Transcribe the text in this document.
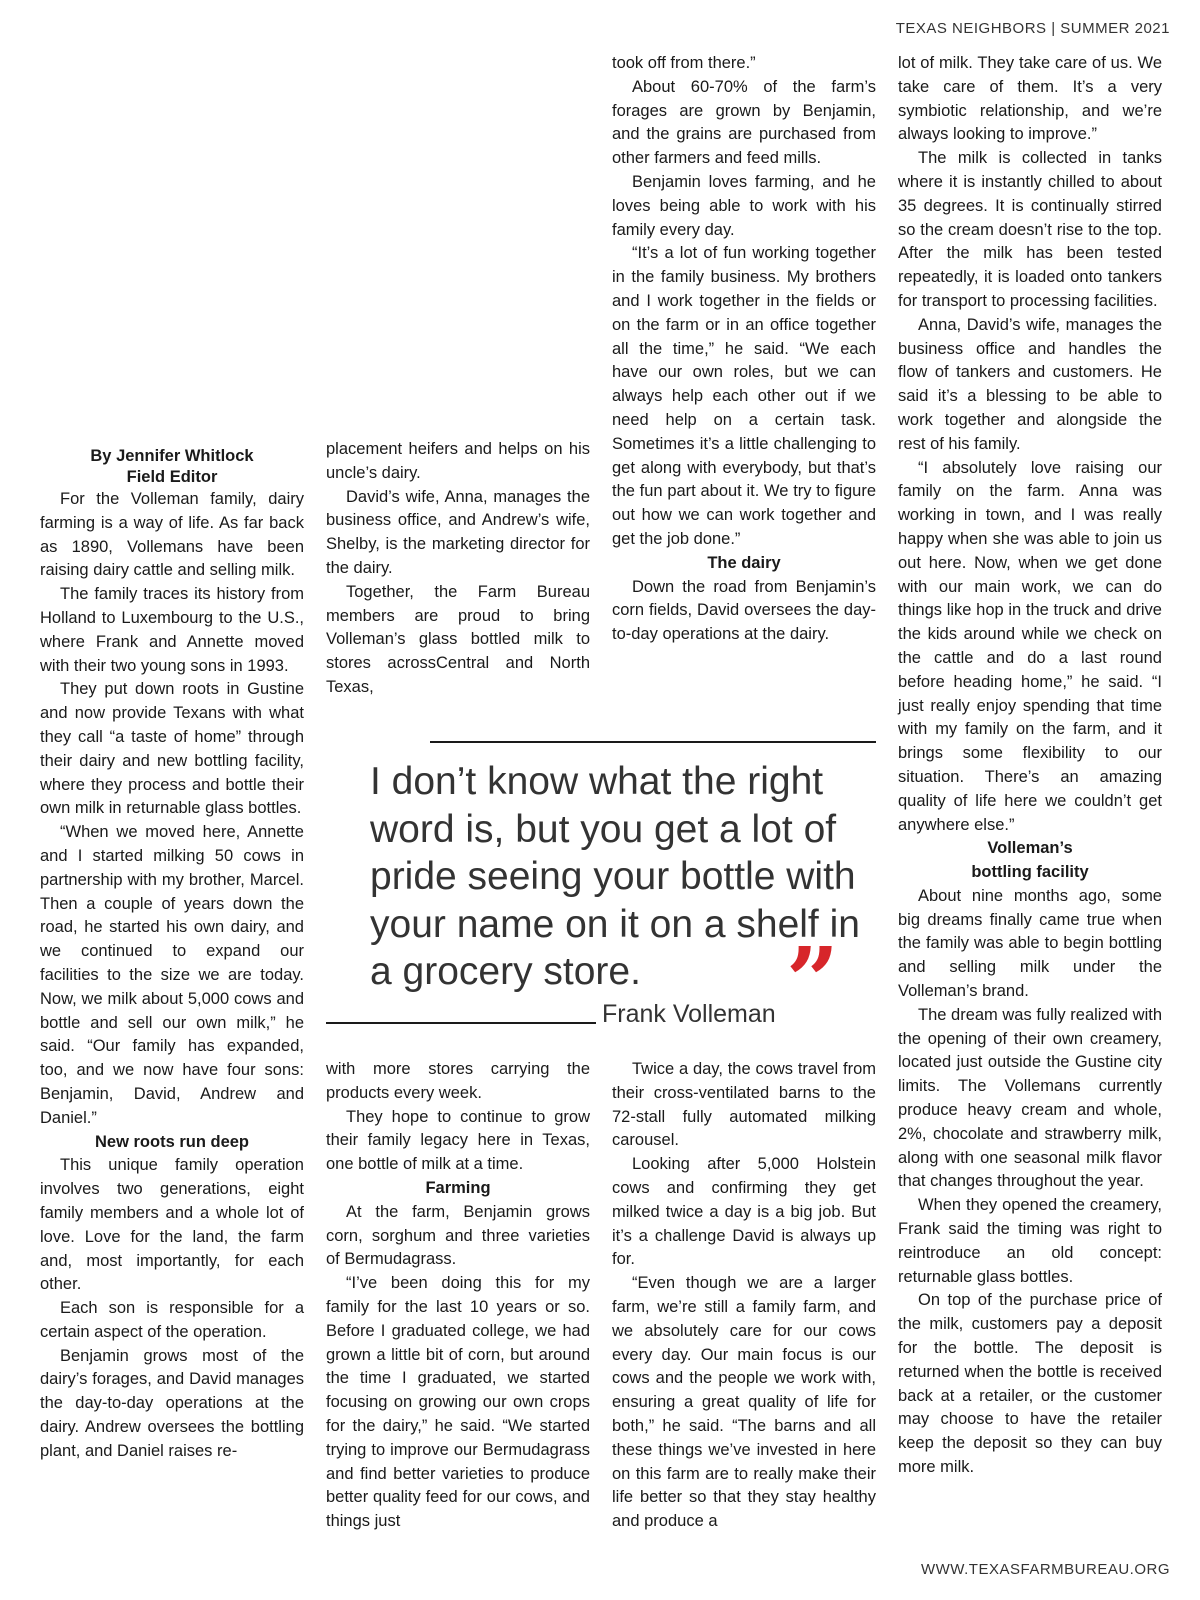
TEXAS NEIGHBORS | SUMMER 2021
By Jennifer Whitlock
Field Editor

For the Volleman family, dairy farming is a way of life. As far back as 1890, Vollemans have been raising dairy cattle and selling milk.

The family traces its history from Holland to Luxembourg to the U.S., where Frank and Annette moved with their two young sons in 1993.

They put down roots in Gustine and now provide Texans with what they call “a taste of home” through their dairy and new bottling facility, where they process and bottle their own milk in returnable glass bottles.

“When we moved here, Annette and I started milking 50 cows in partnership with my brother, Marcel. Then a couple of years down the road, he started his own dairy, and we continued to expand our facilities to the size we are today. Now, we milk about 5,000 cows and bottle and sell our own milk,” he said. “Our family has expanded, too, and we now have four sons: Benjamin, David, Andrew and Daniel.”

New roots run deep

This unique family operation involves two generations, eight family members and a whole lot of love. Love for the land, the farm and, most importantly, for each other.

Each son is responsible for a certain aspect of the operation.

Benjamin grows most of the dairy’s forages, and David manages the day-to-day operations at the dairy. Andrew oversees the bottling plant, and Daniel raises re-

placement heifers and helps on his uncle’s dairy.

David’s wife, Anna, manages the business office, and Andrew’s wife, Shelby, is the marketing director for the dairy.

Together, the Farm Bureau members are proud to bring Volleman’s glass bottled milk to stores acrossCentral and North Texas,

took off from there.”

About 60-70% of the farm’s forages are grown by Benjamin, and the grains are purchased from other farmers and feed mills.

Benjamin loves farming, and he loves being able to work with his family every day.

“It’s a lot of fun working together in the family business. My brothers and I work together in the fields or on the farm or in an office together all the time,” he said. “We each have our own roles, but we can always help each other out if we need help on a certain task. Sometimes it’s a little challenging to get along with everybody, but that’s the fun part about it. We try to figure out how we can work together and get the job done.”

The dairy

Down the road from Benjamin’s corn fields, David oversees the day-to-day operations at the dairy.

lot of milk. They take care of us. We take care of them. It’s a very symbiotic relationship, and we’re always looking to improve.”

The milk is collected in tanks where it is instantly chilled to about 35 degrees. It is continually stirred so the cream doesn’t rise to the top. After the milk has been tested repeatedly, it is loaded onto tankers for transport to processing facilities.

Anna, David’s wife, manages the business office and handles the flow of tankers and customers. He said it’s a blessing to be able to work together and alongside the rest of his family.

“I absolutely love raising our family on the farm. Anna was working in town, and I was really happy when she was able to join us out here. Now, when we get done with our main work, we can do things like hop in the truck and drive the kids around while we check on the cattle and do a last round before heading home,” he said. “I just really enjoy spending that time with my family on the farm, and it brings some flexibility to our situation. There’s an amazing quality of life here we couldn’t get anywhere else.”

Volleman’s
bottling facility

About nine months ago, some big dreams finally came true when the family was able to begin bottling and selling milk under the Volleman’s brand.

The dream was fully realized with the opening of their own creamery, located just outside the Gustine city limits. The Vollemans currently produce heavy cream and whole, 2%, chocolate and strawberry milk, along with one seasonal milk flavor that changes throughout the year.

When they opened the creamery, Frank said the timing was right to reintroduce an old concept: returnable glass bottles.

On top of the purchase price of the milk, customers pay a deposit for the bottle. The deposit is returned when the bottle is received back at a retailer, or the customer may choose to have the retailer keep the deposit so they can buy more milk.

I don’t know what the right word is, but you get a lot of pride seeing your bottle with your name on it on a shelf in a grocery store.	”
Frank Volleman

with more stores carrying the products every week.

They hope to continue to grow their family legacy here in Texas, one bottle of milk at a time.

Farming

At the farm, Benjamin grows corn, sorghum and three varieties of Bermudagrass.

“I’ve been doing this for my family for the last 10 years or so. Before I graduated college, we had grown a little bit of corn, but around the time I graduated, we started focusing on growing our own crops for the dairy,” he said. “We started trying to improve our Bermudagrass and find better varieties to produce better quality feed for our cows, and things just

Twice a day, the cows travel from their cross-ventilated barns to the 72-stall fully automated milking carousel.

Looking after 5,000 Holstein cows and confirming they get milked twice a day is a big job. But it’s a challenge David is always up for.

“Even though we are a larger farm, we’re still a family farm, and we absolutely care for our cows every day. Our main focus is our cows and the people we work with, ensuring a great quality of life for both,” he said. “The barns and all these things we’ve invested in here on this farm are to really make their life better so that they stay healthy and produce a

WWW.TEXASFARMBUREAU.ORG
